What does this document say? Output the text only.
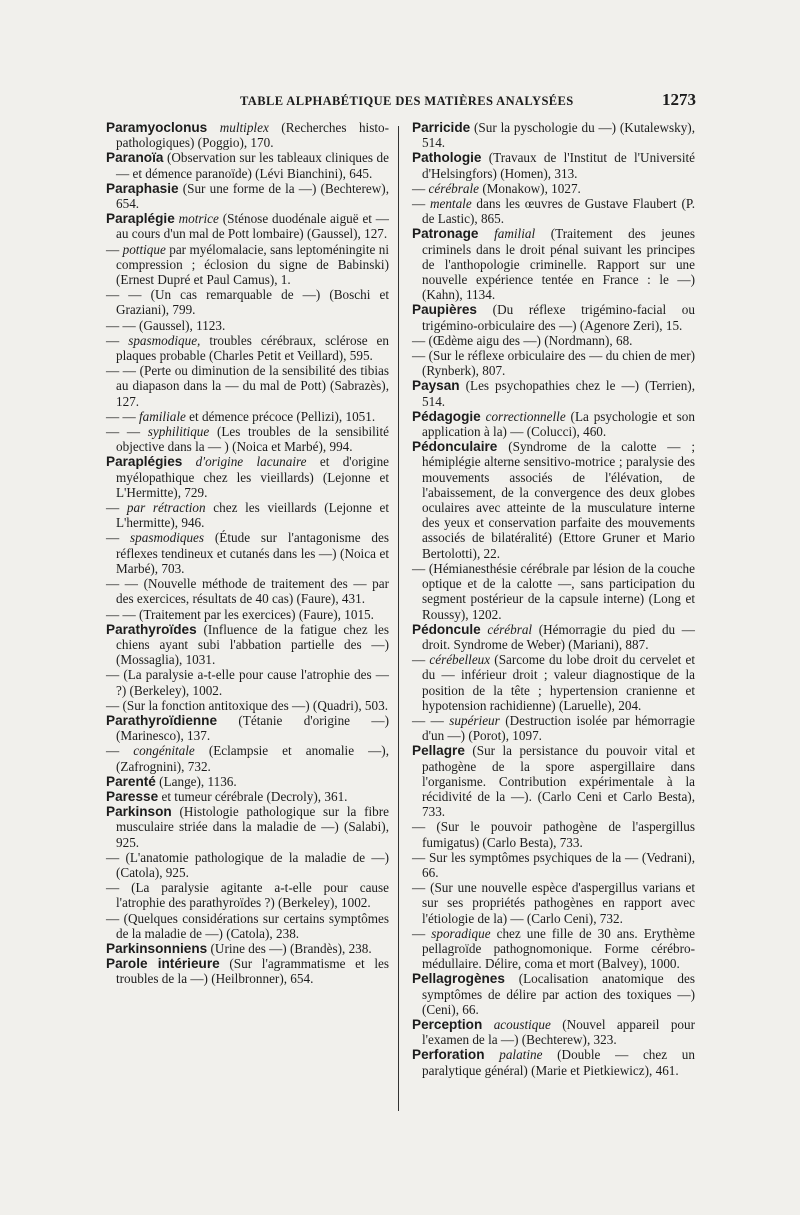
TABLE ALPHABÉTIQUE DES MATIÈRES ANALYSÉES	1273

Paramyoclonus multiplex (Recherches histo-pathologiques) (Poggio), 170.

Paranoïa (Observation sur les tableaux cliniques de — et démence paranoïde) (Lévi Bianchini), 645.

Paraphasie (Sur une forme de la —) (Bechterew), 654.

Paraplégie motrice (Sténose duodénale aiguë et — au cours d'un mal de Pott lombaire) (Gaussel), 127.

— pottique par myélomalacie, sans leptoméningite ni compression ; éclosion du signe de Babinski) (Ernest Dupré et Paul Camus), 1.

— — (Un cas remarquable de —) (Boschi et Graziani), 799.

— — (Gaussel), 1123.

— spasmodique, troubles cérébraux, sclérose en plaques probable (Charles Petit et Veillard), 595.

— — (Perte ou diminution de la sensibilité des tibias au diapason dans la — du mal de Pott) (Sabrazès), 127.

— — familiale et démence précoce (Pellizi), 1051.

— — syphilitique (Les troubles de la sensibilité objective dans la — ) (Noica et Marbé), 994.

Paraplégies d'origine lacunaire et d'origine myélopathique chez les vieillards) (Lejonne et L'Hermitte), 729.

— par rétraction chez les vieillards (Lejonne et L'hermitte), 946.

— spasmodiques (Étude sur l'antagonisme des réflexes tendineux et cutanés dans les —) (Noica et Marbé), 703.

— — (Nouvelle méthode de traitement des — par des exercices, résultats de 40 cas) (Faure), 431.

— — (Traitement par les exercices) (Faure), 1015.

Parathyroïdes (Influence de la fatigue chez les chiens ayant subi l'abbation partielle des —) (Mossaglia), 1031.

— (La paralysie a-t-elle pour cause l'atrophie des — ?) (Berkeley), 1002.

— (Sur la fonction antitoxique des —) (Quadri), 503.

Parathyroïdienne (Tétanie d'origine —) (Marinesco), 137.

— congénitale (Eclampsie et anomalie —), (Zafrognini), 732.

Parenté (Lange), 1136.

Paresse et tumeur cérébrale (Decroly), 361.

Parkinson (Histologie pathologique sur la fibre musculaire striée dans la maladie de —) (Salabi), 925.

— (L'anatomie pathologique de la maladie de —) (Catola), 925.

— (La paralysie agitante a-t-elle pour cause l'atrophie des parathyroïdes ?) (Berkeley), 1002.

— (Quelques considérations sur certains symptômes de la maladie de —) (Catola), 238.

Parkinsonniens (Urine des —) (Brandès), 238.

Parole intérieure (Sur l'agrammatisme et les troubles de la —) (Heilbronner), 654.

Parricide (Sur la pyschologie du —) (Kutalewsky), 514.

Pathologie (Travaux de l'Institut de l'Université d'Helsingfors) (Homen), 313.

— cérébrale (Monakow), 1027.

— mentale dans les œuvres de Gustave Flaubert (P. de Lastic), 865.

Patronage familial (Traitement des jeunes criminels dans le droit pénal suivant les principes de l'anthopologie criminelle. Rapport sur une nouvelle expérience tentée en France : le —) (Kahn), 1134.

Paupières (Du réflexe trigémino-facial ou trigémino-orbiculaire des —) (Agenore Zeri), 15.

— (Œdème aigu des —) (Nordmann), 68.

— (Sur le réflexe orbiculaire des — du chien de mer) (Rynberk), 807.

Paysan (Les psychopathies chez le —) (Terrien), 514.

Pédagogie correctionnelle (La psychologie et son application à la) — (Colucci), 460.

Pédonculaire (Syndrome de la calotte — ; hémiplégie alterne sensitivo-motrice ; paralysie des mouvements associés de l'élévation, de l'abaissement, de la convergence des deux globes oculaires avec atteinte de la musculature interne des yeux et conservation parfaite des mouvements associés de bilatéralité) (Ettore Gruner et Mario Bertolotti), 22.

— (Hémianesthésie cérébrale par lésion de la couche optique et de la calotte —, sans participation du segment postérieur de la capsule interne) (Long et Roussy), 1202.

Pédoncule cérébral (Hémorragie du pied du — droit. Syndrome de Weber) (Mariani), 887.

— cérébelleux (Sarcome du lobe droit du cervelet et du — inférieur droit ; valeur diagnostique de la position de la tête ; hypertension cranienne et hypotension rachidienne) (Laruelle), 204.

— — supérieur (Destruction isolée par hémorragie d'un —) (Porot), 1097.

Pellagre (Sur la persistance du pouvoir vital et pathogène de la spore aspergillaire dans l'organisme. Contribution expérimentale à la récidivité de la —). (Carlo Ceni et Carlo Besta), 733.

— (Sur le pouvoir pathogène de l'aspergillus fumigatus) (Carlo Besta), 733.

— Sur les symptômes psychiques de la — (Vedrani), 66.

— (Sur une nouvelle espèce d'aspergillus varians et sur ses propriétés pathogènes en rapport avec l'étiologie de la) — (Carlo Ceni), 732.

— sporadique chez une fille de 30 ans. Erythème pellagroïde pathognomonique. Forme cérébro-médullaire. Délire, coma et mort (Balvey), 1000.

Pellagrogènes (Localisation anatomique des symptômes de délire par action des toxiques —) (Ceni), 66.

Perception acoustique (Nouvel appareil pour l'examen de la —) (Bechterew), 323.

Perforation palatine (Double — chez un paralytique général) (Marie et Pietkiewicz), 461.
